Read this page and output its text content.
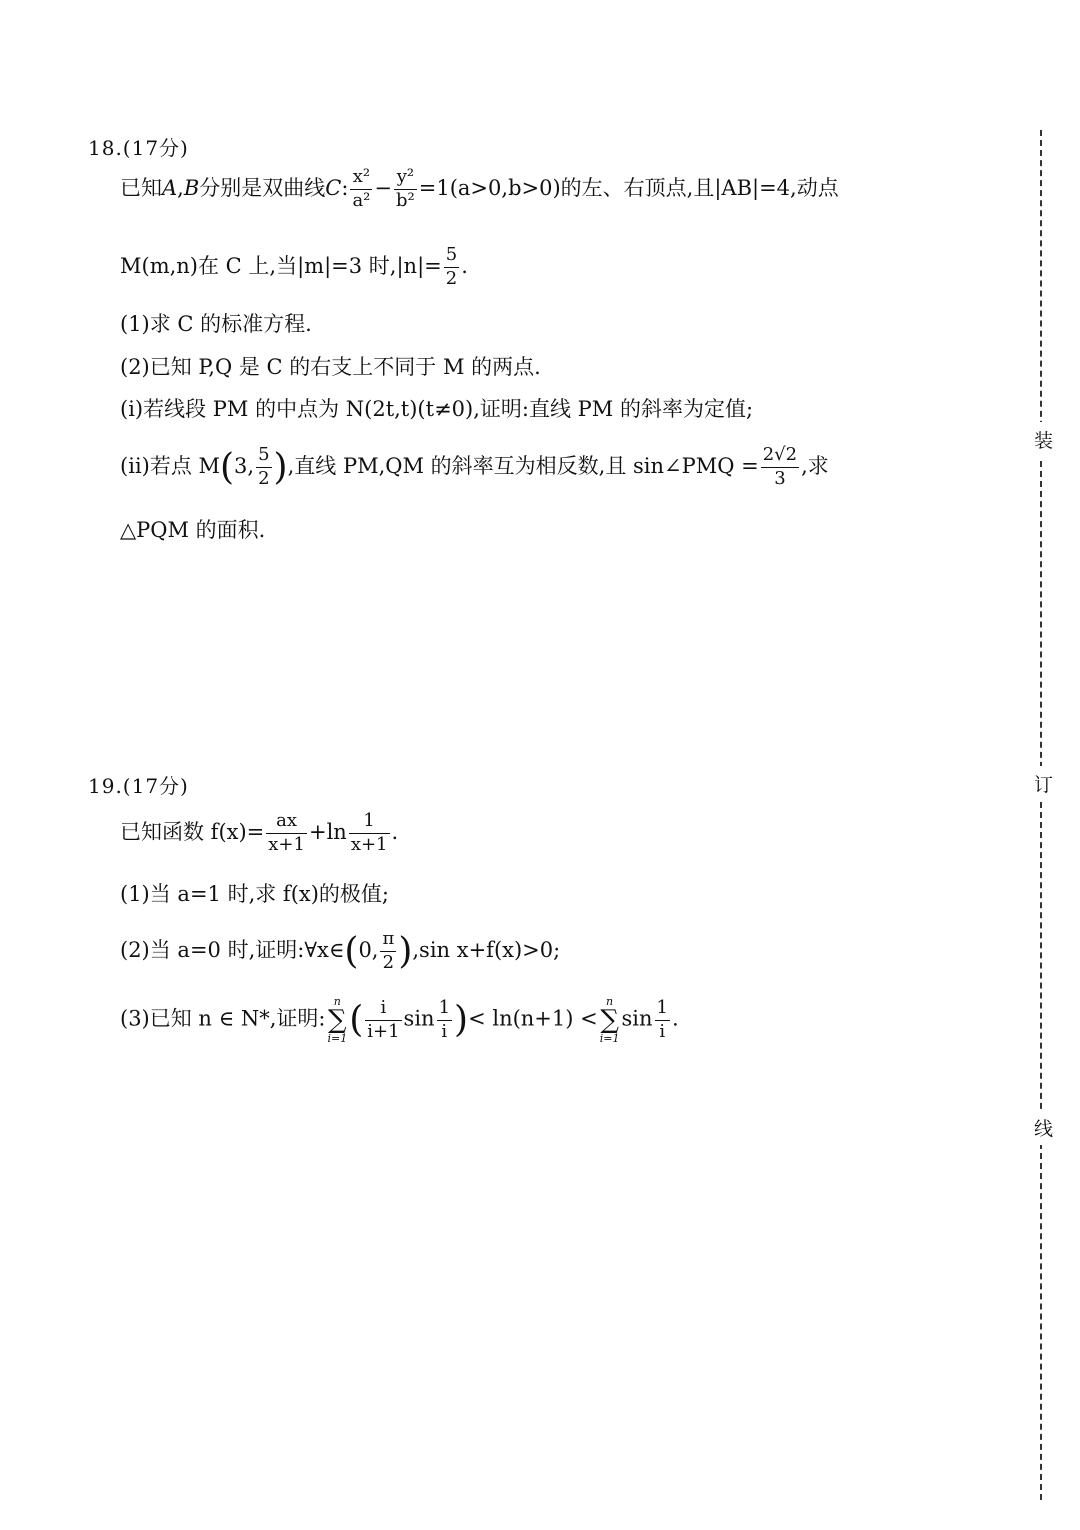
18.(17分)
已知A,B分别是双曲线C: $\frac{\text{x²}}{\text{a²}} - \frac{\text{y²}}{\text{b²}} =1(a>0,b>0)$的左、右顶点,且|AB|=4,动点
M(m,n)在 C 上,当|m|=3 时$,|n|= \frac{5}{2}$ .
(1)求 C 的标准方程.
(2)已知 P,Q 是 C 的右支上不同于 M 的两点.
(ⅰ)若线段 PM 的中点为 N(2t,t)(t≠0),证明:直线 PM 的斜率为定值;
(ⅱ)若点 M(3, $\frac{5}{2}$ ),直线 PM,QM 的斜率互为相反数,且 sin∠PMQ = $\frac{2√2}{3}$ ,求
△PQM 的面积.
19.(17分)
已知函数 $f(x)= \frac{ax}{x+1} +\ln \frac{1}{x+1}$ .
(1)当 a=1 时,求 f(x)的极值;
(2)当 a=0 时,证明:∀x∈(0, $\frac{\pi}{2} ),\sin$ x+f(x)>0;
(3)已知 n ∈ N*,证明:
n
∑
i=1 ( $\frac{i}{i+1}$ $\sin \frac{1}{i}$ )< ln(n+1) <
n
∑
i=1
$\sin \frac{1}{i}$ .
装
订
线
